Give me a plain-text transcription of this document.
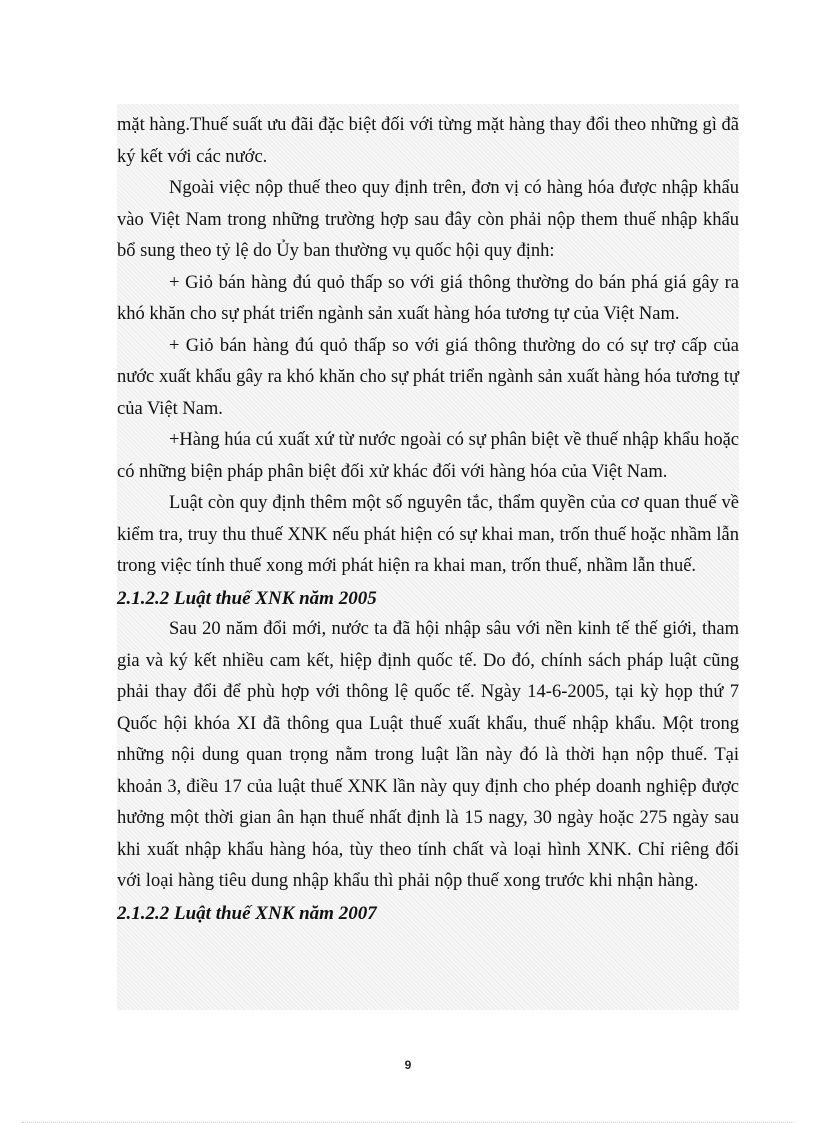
mặt hàng.Thuế suất ưu đãi đặc biệt đối với từng mặt hàng thay đổi theo những gì đã ký kết với các nước.

Ngoài việc nộp thuế theo quy định trên, đơn vị có hàng hóa được nhập khẩu vào Việt Nam trong những trường hợp sau đây còn phải nộp them thuế nhập khẩu bổ sung theo tỷ lệ do Ủy ban thường vụ quốc hội quy định:

+ Giỏ bán hàng đú quỏ thấp so với giá thông thường do bán phá giá gây ra khó khăn cho sự phát triển ngành sản xuất hàng hóa tương tự của Việt Nam.

+ Giỏ bán hàng đú quỏ thấp so với giá thông thường do có sự trợ cấp của nước xuất khẩu gây ra khó khăn cho sự phát triển ngành sản xuất hàng hóa tương tự của Việt Nam.

+Hàng húa cú xuất xứ từ nước ngoài có sự phân biệt về thuế nhập khẩu hoặc có những biện pháp phân biệt đối xử khác đối với hàng hóa của Việt Nam.

Luật còn quy định thêm một số nguyên tắc, thẩm quyền của cơ quan thuế về kiểm tra, truy thu thuế XNK nếu phát hiện có sự khai man, trốn thuế hoặc nhầm lẫn trong việc tính thuế xong mới phát hiện ra khai man, trốn thuế, nhầm lẫn thuế.

2.1.2.2 Luật thuế XNK năm 2005

Sau 20 năm đổi mới, nước ta đã hội nhập sâu với nền kinh tế thế giới, tham gia và ký kết nhiều cam kết, hiệp định quốc tế. Do đó, chính sách pháp luật cũng phải thay đổi để phù hợp với thông lệ quốc tế. Ngày 14-6-2005, tại kỳ họp thứ 7 Quốc hội khóa XI đã thông qua Luật thuế xuất khẩu, thuế nhập khẩu. Một trong những nội dung quan trọng nằm trong luật lần này đó là thời hạn nộp thuế. Tại khoản 3, điều 17 của luật thuế XNK lần này quy định cho phép doanh nghiệp được hưởng một thời gian ân hạn thuế nhất định là 15 nagy, 30 ngày hoặc 275 ngày sau khi xuất nhập khẩu hàng hóa, tùy theo tính chất và loại hình XNK. Chỉ riêng đối với loại hàng tiêu dung nhập khẩu thì phải nộp thuế xong trước khi nhận hàng.

2.1.2.2 Luật thuế XNK năm 2007
9
